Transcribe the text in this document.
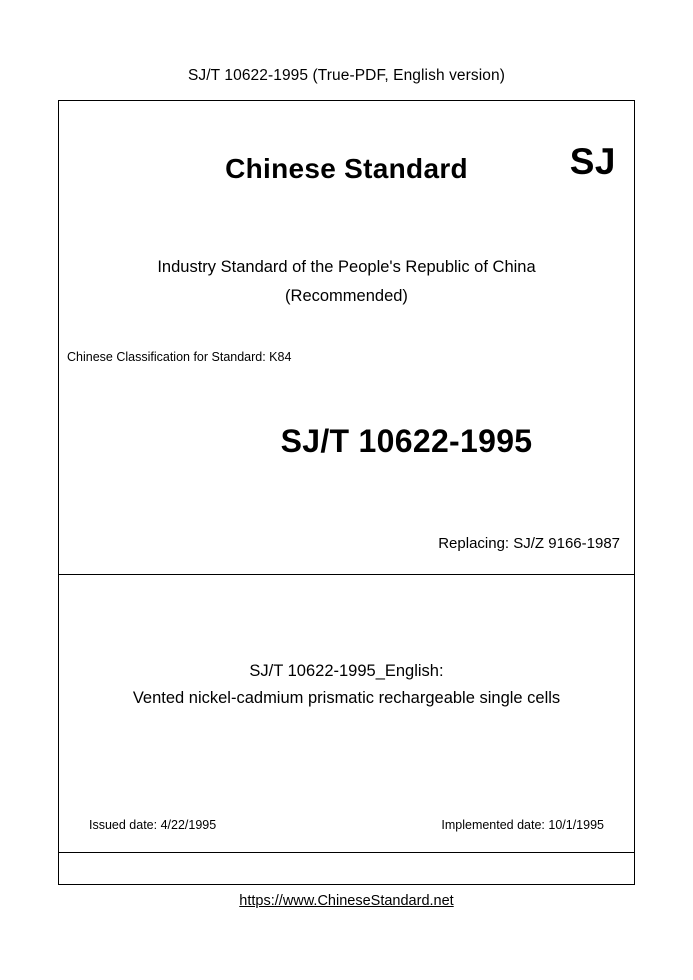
SJ/T 10622-1995 (True-PDF, English version)
Chinese Standard	SJ
Industry Standard of the People's Republic of China
(Recommended)
Chinese Classification for Standard: K84
SJ/T 10622-1995
Replacing: SJ/Z 9166-1987
SJ/T 10622-1995_English:
Vented nickel-cadmium prismatic rechargeable single cells
Issued date: 4/22/1995	Implemented date: 10/1/1995
https://www.ChineseStandard.net
